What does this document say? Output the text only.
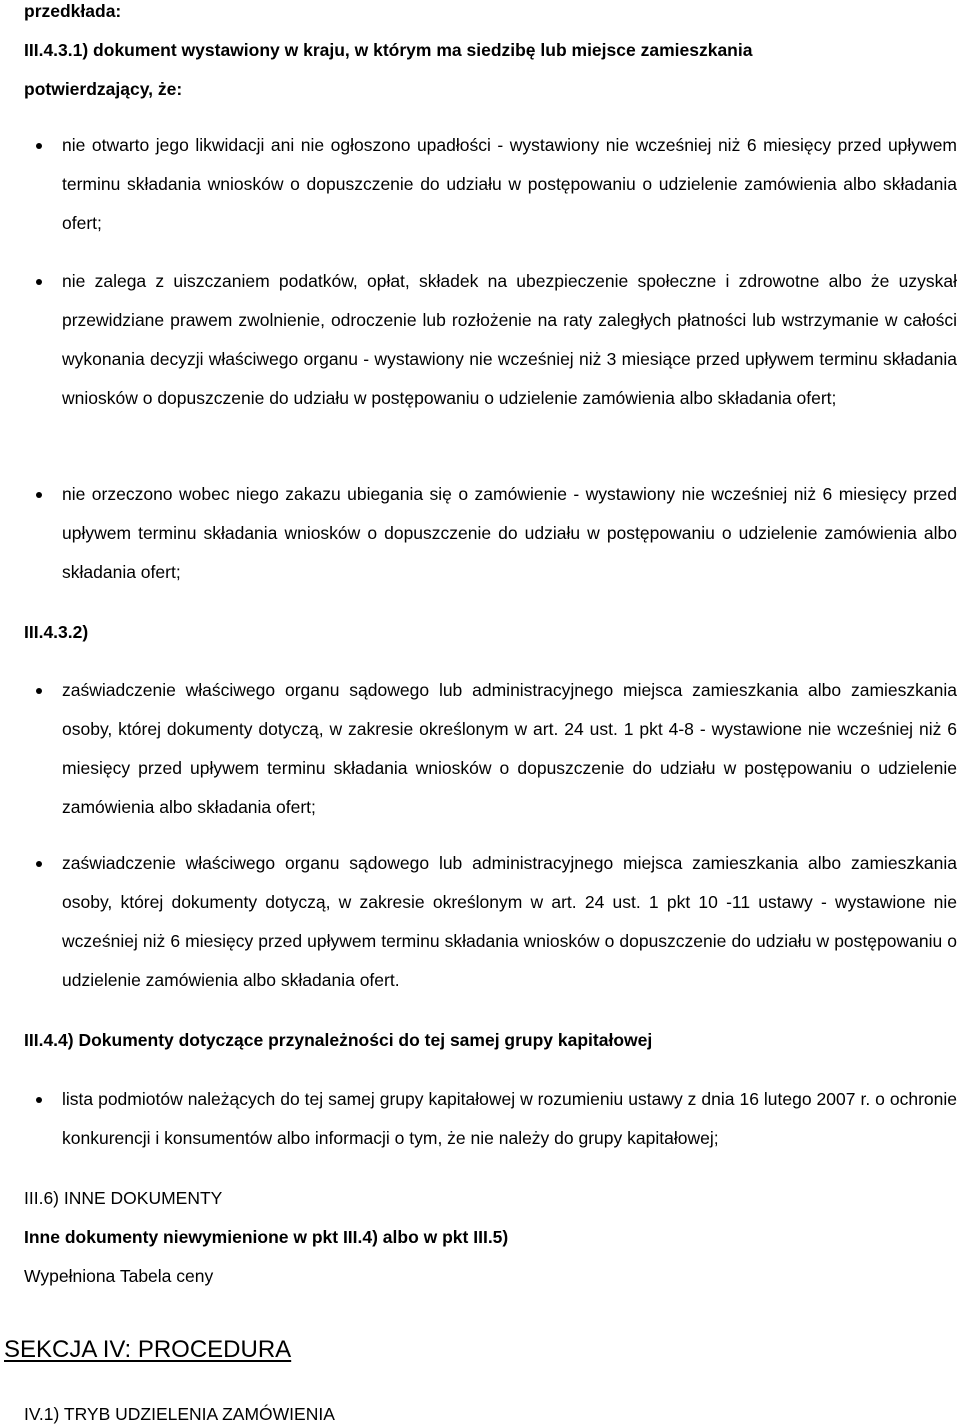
przedkłada:
III.4.3.1) dokument wystawiony w kraju, w którym ma siedzibę lub miejsce zamieszkania
potwierdzający, że:
nie otwarto jego likwidacji ani nie ogłoszono upadłości - wystawiony nie wcześniej niż 6 miesięcy przed upływem terminu składania wniosków o dopuszczenie do udziału w postępowaniu o udzielenie zamówienia albo składania ofert;
nie zalega z uiszczaniem podatków, opłat, składek na ubezpieczenie społeczne i zdrowotne albo że uzyskał przewidziane prawem zwolnienie, odroczenie lub rozłożenie na raty zaległych płatności lub wstrzymanie w całości wykonania decyzji właściwego organu - wystawiony nie wcześniej niż 3 miesiące przed upływem terminu składania wniosków o dopuszczenie do udziału w postępowaniu o udzielenie zamówienia albo składania ofert;
nie orzeczono wobec niego zakazu ubiegania się o zamówienie - wystawiony nie wcześniej niż 6 miesięcy przed upływem terminu składania wniosków o dopuszczenie do udziału w postępowaniu o udzielenie zamówienia albo składania ofert;
III.4.3.2)
zaświadczenie właściwego organu sądowego lub administracyjnego miejsca zamieszkania albo zamieszkania osoby, której dokumenty dotyczą, w zakresie określonym w art. 24 ust. 1 pkt 4-8 - wystawione nie wcześniej niż 6 miesięcy przed upływem terminu składania wniosków o dopuszczenie do udziału w postępowaniu o udzielenie zamówienia albo składania ofert;
zaświadczenie właściwego organu sądowego lub administracyjnego miejsca zamieszkania albo zamieszkania osoby, której dokumenty dotyczą, w zakresie określonym w art. 24 ust. 1 pkt 10 -11 ustawy - wystawione nie wcześniej niż 6 miesięcy przed upływem terminu składania wniosków o dopuszczenie do udziału w postępowaniu o udzielenie zamówienia albo składania ofert.
III.4.4) Dokumenty dotyczące przynależności do tej samej grupy kapitałowej
lista podmiotów należących do tej samej grupy kapitałowej w rozumieniu ustawy z dnia 16 lutego 2007 r. o ochronie konkurencji i konsumentów albo informacji o tym, że nie należy do grupy kapitałowej;
III.6) INNE DOKUMENTY
Inne dokumenty niewymienione w pkt III.4) albo w pkt III.5)
Wypełniona Tabela ceny
SEKCJA IV: PROCEDURA
IV.1) TRYB UDZIELENIA ZAMÓWIENIA
